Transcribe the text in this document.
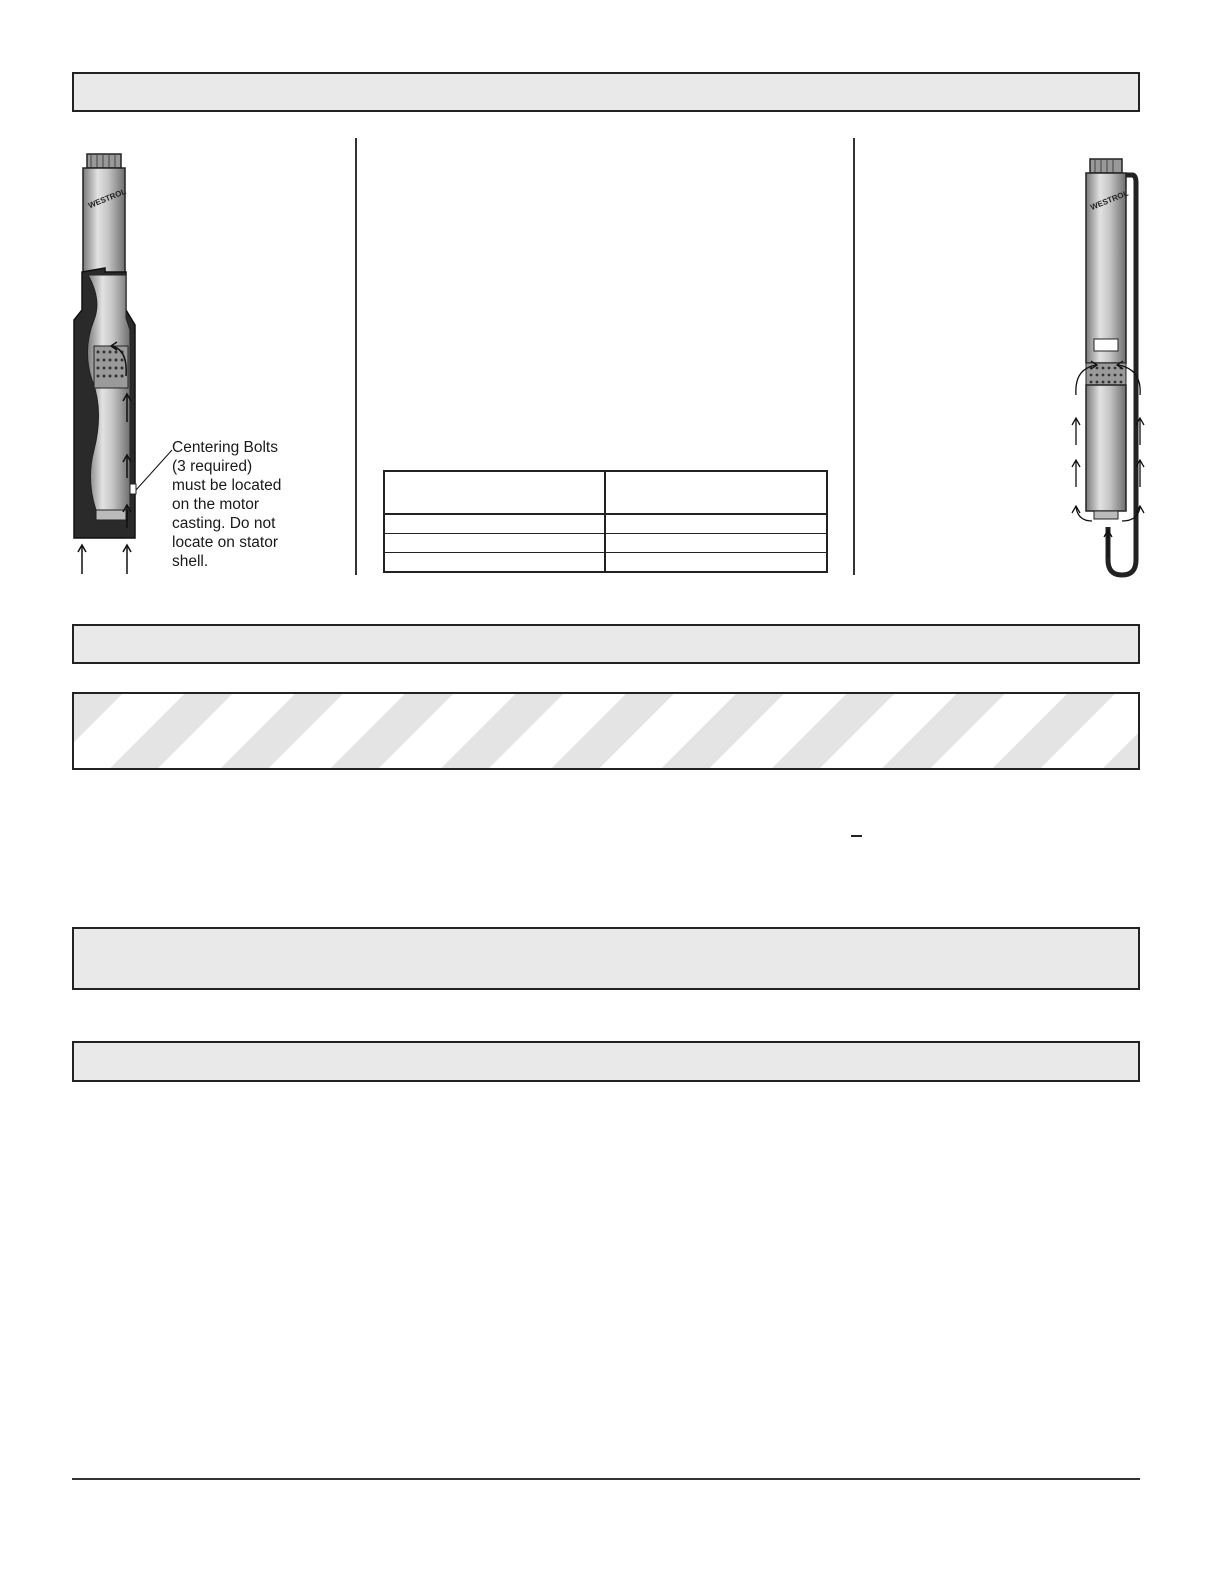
WESTROL
Centering Bolts
(3 required)
must be located
on the motor
casting. Do not
locate on stator
shell.

WESTROL
